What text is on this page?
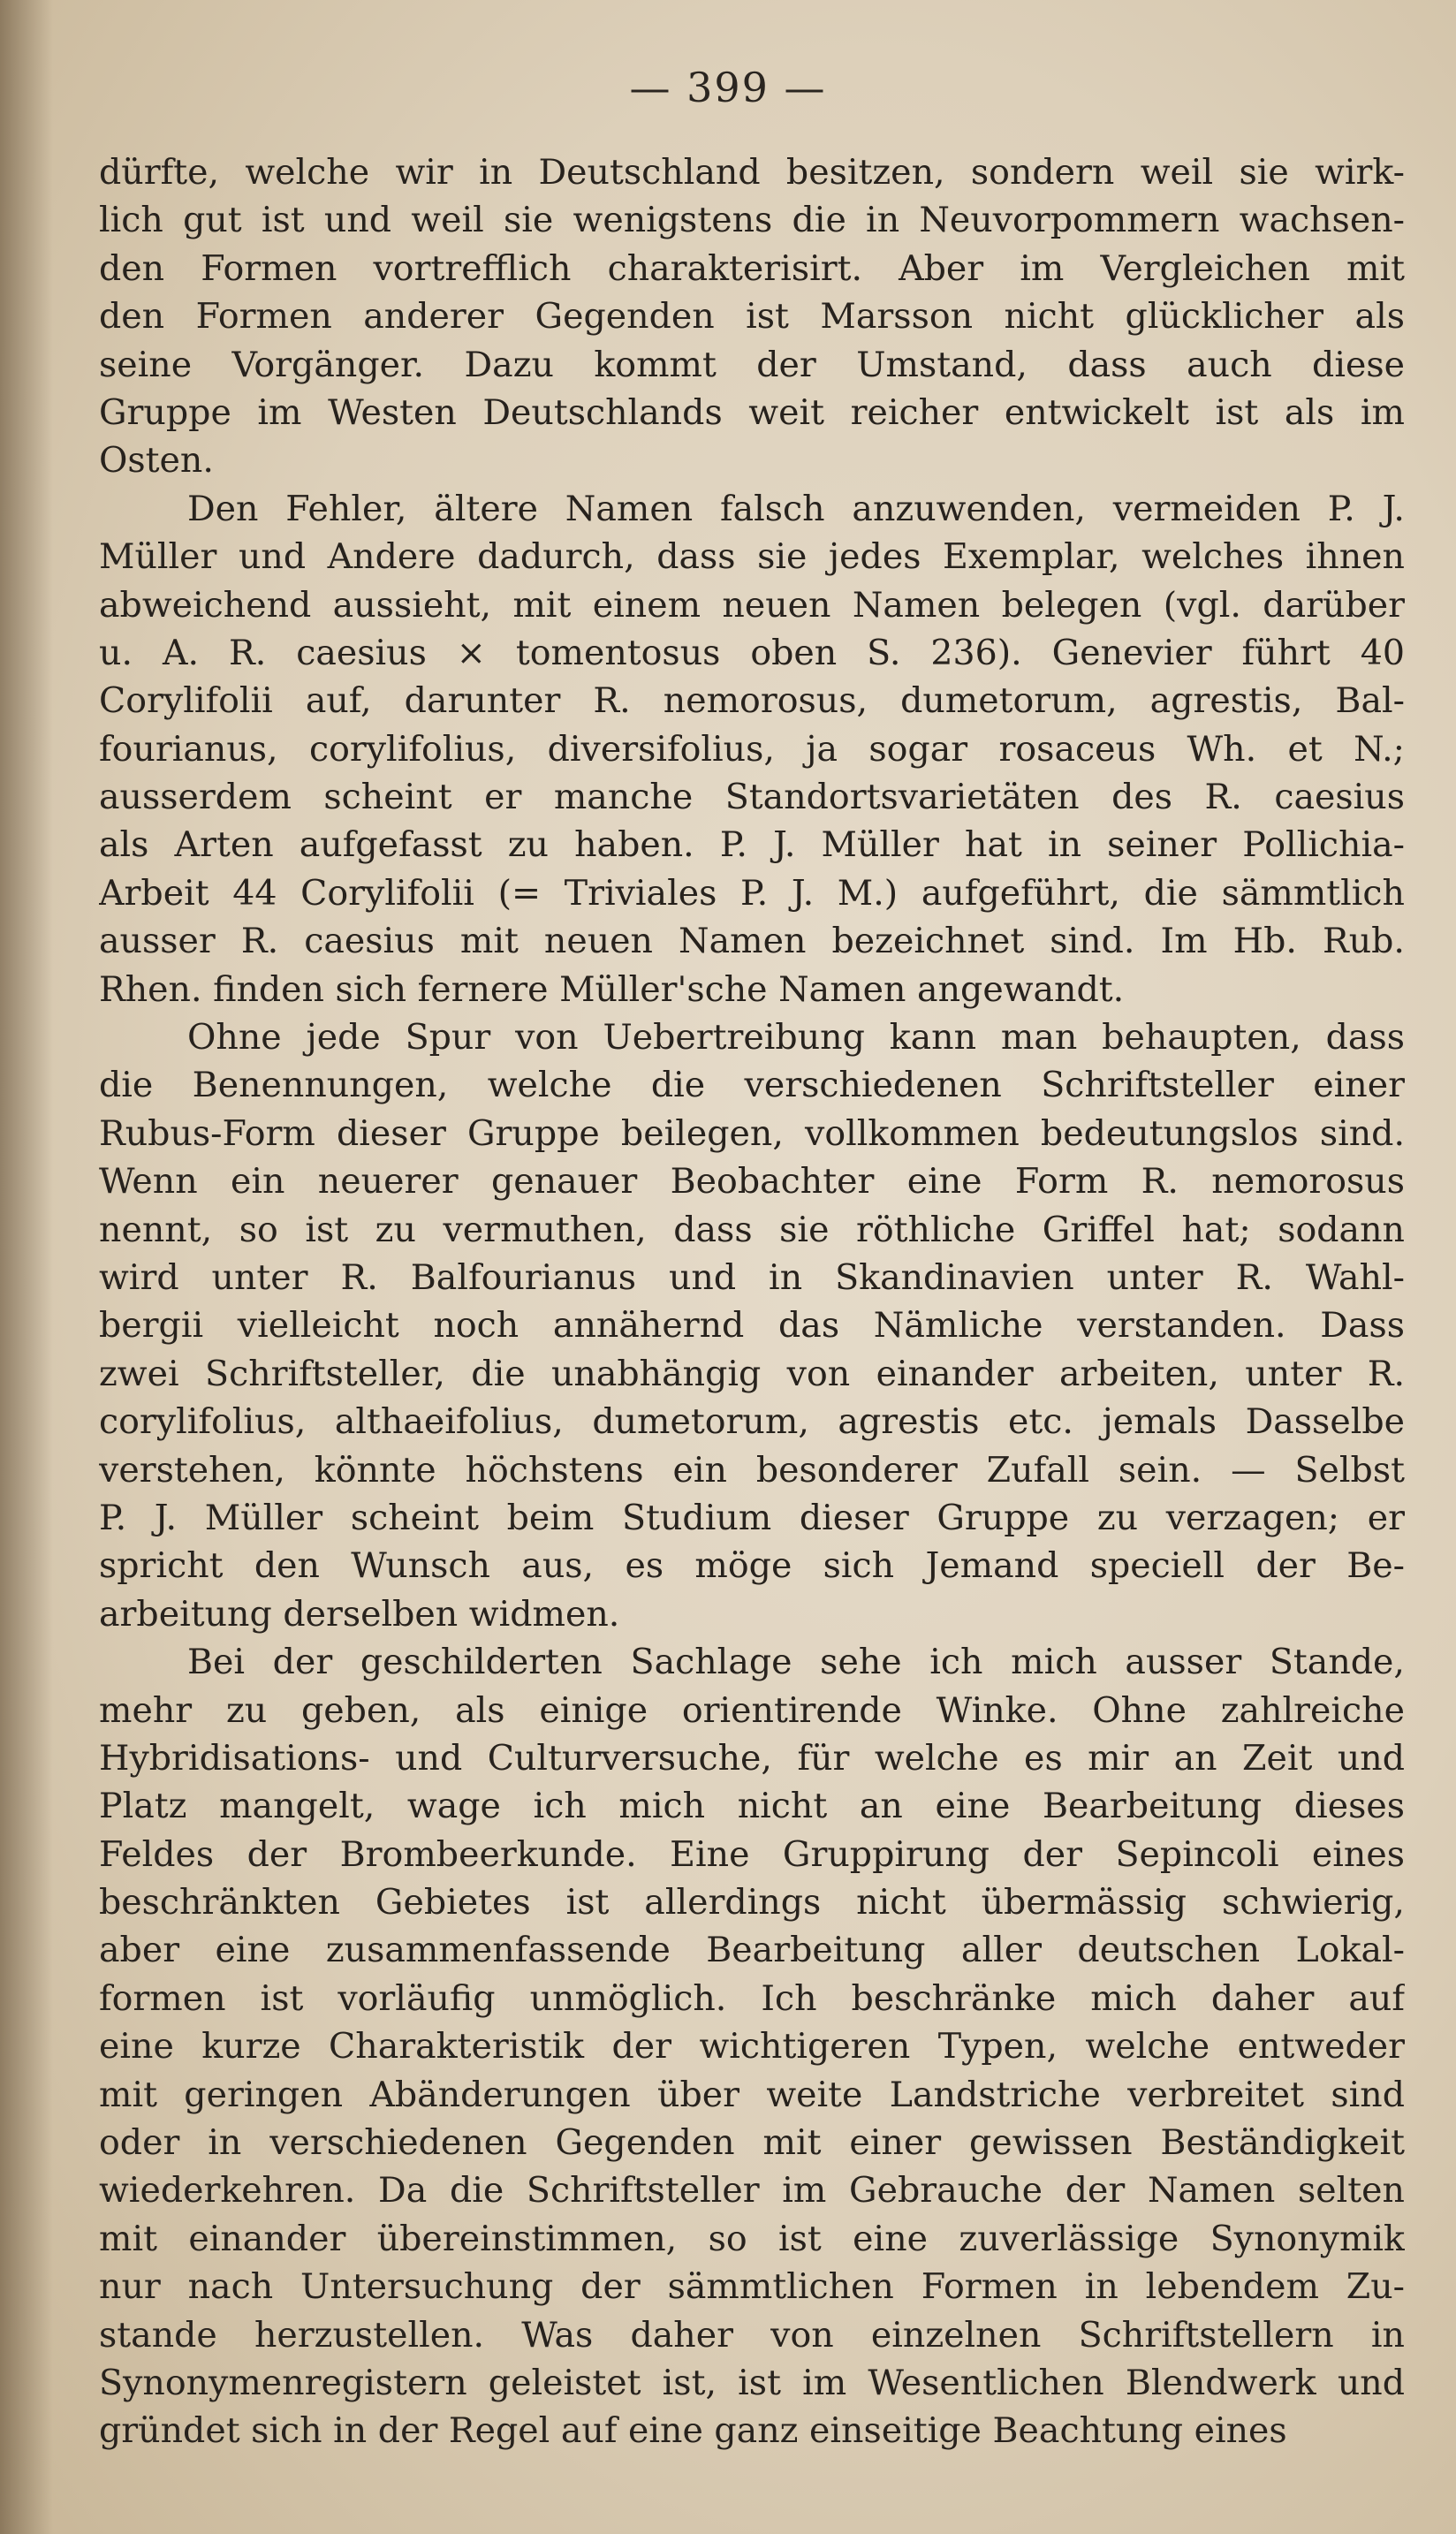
— 399 —
dürfte, welche wir in Deutschland besitzen, sondern weil sie wirk-
lich gut ist und weil sie wenigstens die in Neuvorpommern wachsen-
den Formen vortrefflich charakterisirt. Aber im Vergleichen mit
den Formen anderer Gegenden ist Marsson nicht glücklicher als
seine Vorgänger. Dazu kommt der Umstand, dass auch diese
Gruppe im Westen Deutschlands weit reicher entwickelt ist als im
Osten.
Den Fehler, ältere Namen falsch anzuwenden, vermeiden P. J.
Müller und Andere dadurch, dass sie jedes Exemplar, welches ihnen
abweichend aussieht, mit einem neuen Namen belegen (vgl. darüber
u. A. R. caesius × tomentosus oben S. 236). Genevier führt 40
Corylifolii auf, darunter R. nemorosus, dumetorum, agrestis, Bal-
fourianus, corylifolius, diversifolius, ja sogar rosaceus Wh. et N.;
ausserdem scheint er manche Standortsvarietäten des R. caesius
als Arten aufgefasst zu haben. P. J. Müller hat in seiner Pollichia-
Arbeit 44 Corylifolii (= Triviales P. J. M.) aufgeführt, die sämmtlich
ausser R. caesius mit neuen Namen bezeichnet sind. Im Hb. Rub.
Rhen. finden sich fernere Müller'sche Namen angewandt.
Ohne jede Spur von Uebertreibung kann man behaupten, dass
die Benennungen, welche die verschiedenen Schriftsteller einer
Rubus-Form dieser Gruppe beilegen, vollkommen bedeutungslos sind.
Wenn ein neuerer genauer Beobachter eine Form R. nemorosus
nennt, so ist zu vermuthen, dass sie röthliche Griffel hat; sodann
wird unter R. Balfourianus und in Skandinavien unter R. Wahl-
bergii vielleicht noch annähernd das Nämliche verstanden. Dass
zwei Schriftsteller, die unabhängig von einander arbeiten, unter R.
corylifolius, althaeifolius, dumetorum, agrestis etc. jemals Dasselbe
verstehen, könnte höchstens ein besonderer Zufall sein. — Selbst
P. J. Müller scheint beim Studium dieser Gruppe zu verzagen; er
spricht den Wunsch aus, es möge sich Jemand speciell der Be-
arbeitung derselben widmen.
Bei der geschilderten Sachlage sehe ich mich ausser Stande,
mehr zu geben, als einige orientirende Winke. Ohne zahlreiche
Hybridisations- und Culturversuche, für welche es mir an Zeit und
Platz mangelt, wage ich mich nicht an eine Bearbeitung dieses
Feldes der Brombeerkunde. Eine Gruppirung der Sepincoli eines
beschränkten Gebietes ist allerdings nicht übermässig schwierig,
aber eine zusammenfassende Bearbeitung aller deutschen Lokal-
formen ist vorläufig unmöglich. Ich beschränke mich daher auf
eine kurze Charakteristik der wichtigeren Typen, welche entweder
mit geringen Abänderungen über weite Landstriche verbreitet sind
oder in verschiedenen Gegenden mit einer gewissen Beständigkeit
wiederkehren. Da die Schriftsteller im Gebrauche der Namen selten
mit einander übereinstimmen, so ist eine zuverlässige Synonymik
nur nach Untersuchung der sämmtlichen Formen in lebendem Zu-
stande herzustellen. Was daher von einzelnen Schriftstellern in
Synonymenregistern geleistet ist, ist im Wesentlichen Blendwerk und
gründet sich in der Regel auf eine ganz einseitige Beachtung eines
